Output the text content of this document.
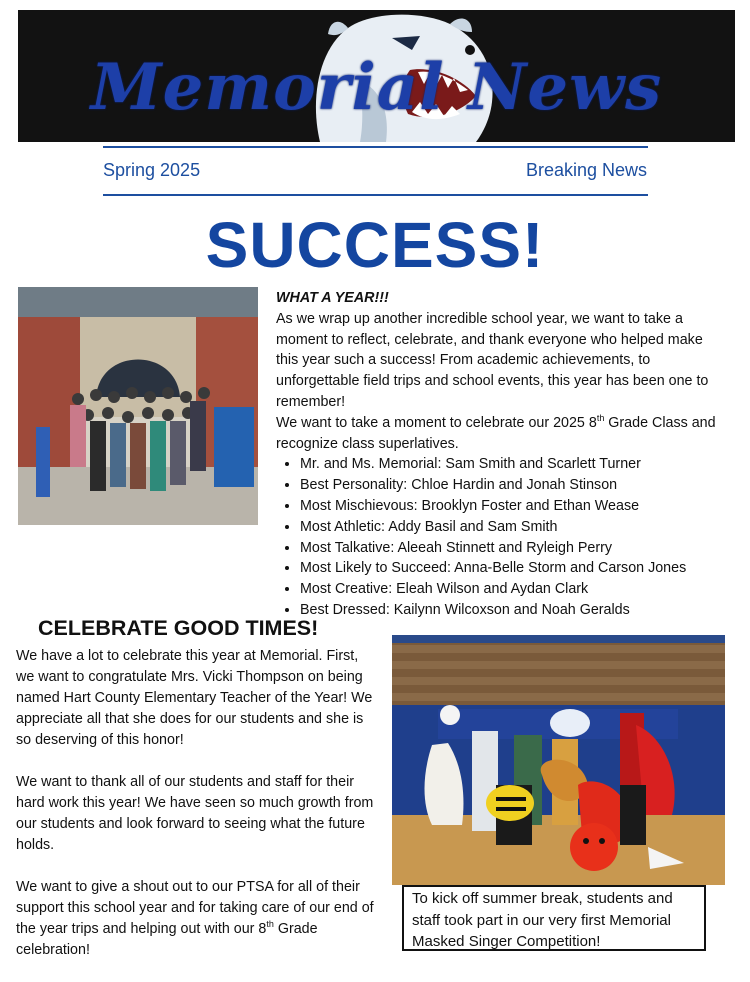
Memorial News
Spring 2025	Breaking News
SUCCESS!
WHAT A YEAR!!!

As we wrap up another incredible school year, we want to take a moment to reflect, celebrate, and thank everyone who helped make this year such a success! From academic achievements, to unforgettable field trips and school events, this year has been one to remember!

We want to take a moment to celebrate our 2025 8th Grade Class and recognize class superlatives.

• Mr. and Ms. Memorial: Sam Smith and Scarlett Turner
• Best Personality: Chloe Hardin and Jonah Stinson
• Most Mischievous: Brooklyn Foster and Ethan Wease
• Most Athletic: Addy Basil and Sam Smith
• Most Talkative: Aleeah Stinnett and Ryleigh Perry
• Most Likely to Succeed: Anna-Belle Storm and Carson Jones
• Most Creative: Eleah Wilson and Aydan Clark
• Best Dressed: Kailynn Wilcoxson and Noah Geralds
CELEBRATE GOOD TIMES!

We have a lot to celebrate this year at Memorial. First, we want to congratulate Mrs. Vicki Thompson on being named Hart County Elementary Teacher of the Year! We appreciate all that she does for our students and she is so deserving of this honor!

We want to thank all of our students and staff for their hard work this year! We have seen so much growth from our students and look forward to seeing what the future holds.

We want to give a shout out to our PTSA for all of their support this school year and for taking care of our end of the year trips and helping out with our 8th Grade celebration!

To kick off summer break, students and staff took part in our very first Memorial Masked Singer Competition!
